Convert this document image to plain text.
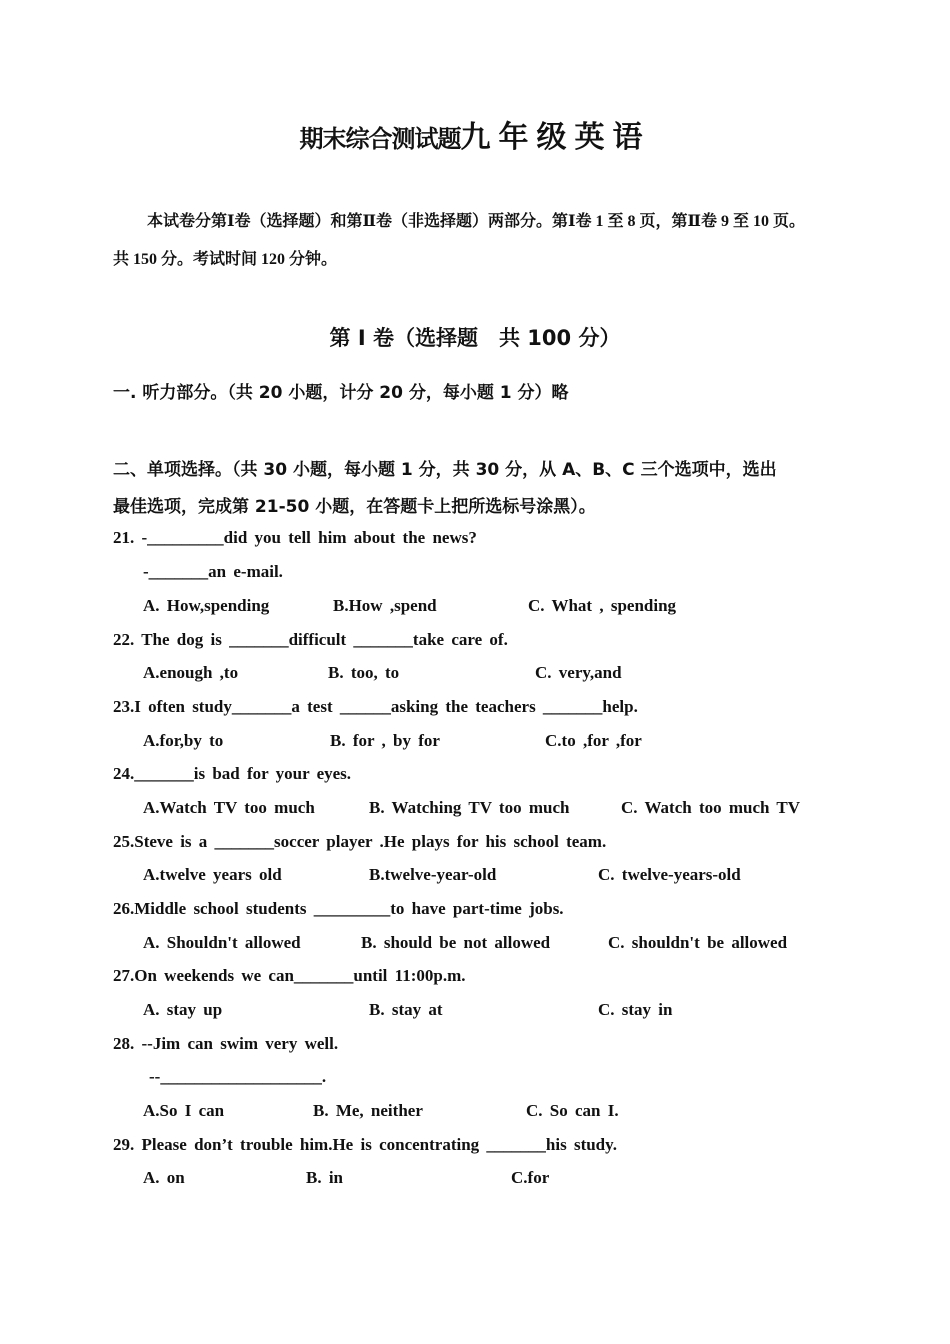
期末综合测试题九年级英语
本试卷分第Ⅰ卷（选择题）和第Ⅱ卷（非选择题）两部分。第Ⅰ卷 1 至 8 页，第Ⅱ卷 9 至 10 页。
共 150 分。考试时间 120 分钟。
第 Ⅰ 卷（选择题　共 100 分）
一. 听力部分。（共 20 小题，计分 20 分，每小题 1 分）略
二、单项选择。（共 30 小题，每小题 1 分，共 30 分，从 A、B、C 三个选项中，选出
最佳选项，完成第 21-50 小题，在答题卡上把所选标号涂黑）。
21. -_________did you tell him about the news?
-_______an e-mail.
A. How,spending	B.How ,spend	C. What , spending
22. The dog is _______difficult _______take care of.
A.enough ,to	B. too, to	C. very,and
23.I often study_______a test ______asking the teachers _______help.
A.for,by to	B. for , by for	C.to ,for ,for
24._______is bad for your eyes.
A.Watch TV too much	B. Watching TV too much	C. Watch too much TV
25.Steve is a _______soccer player .He plays for his school team.
A.twelve years old	B.twelve-year-old	C. twelve-years-old
26.Middle school students _________to have part-time jobs.
A. Shouldn't allowed	B. should be not allowed	C. shouldn't be allowed
27.On weekends we can_______until 11:00p.m.
A. stay up	B. stay at	C. stay in
28. --Jim can swim very well.
--___________________.
A.So I can	B. Me, neither	C. So can I.
29. Please don’t trouble him.He is concentrating _______his study.
A. on	B. in	C.for
